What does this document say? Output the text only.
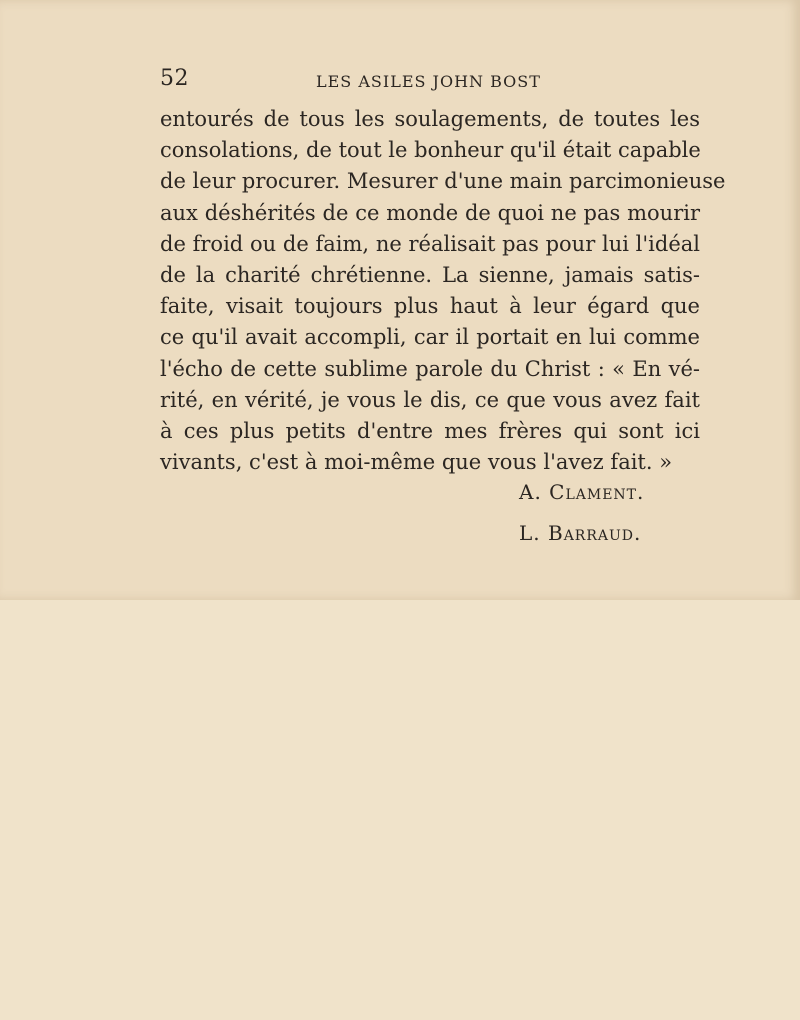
52	LES ASILES JOHN BOST
entourés de tous les soulagements, de toutes les
consolations, de tout le bonheur qu'il était capable
de leur procurer. Mesurer d'une main parcimonieuse
aux déshérités de ce monde de quoi ne pas mourir
de froid ou de faim, ne réalisait pas pour lui l'idéal
de la charité chrétienne. La sienne, jamais satis-
faite, visait toujours plus haut à leur égard que
ce qu'il avait accompli, car il portait en lui comme
l'écho de cette sublime parole du Christ : « En vé-
rité, en vérité, je vous le dis, ce que vous avez fait
à ces plus petits d'entre mes frères qui sont ici
vivants, c'est à moi-même que vous l'avez fait. »
A. Clament.
L. Barraud.
